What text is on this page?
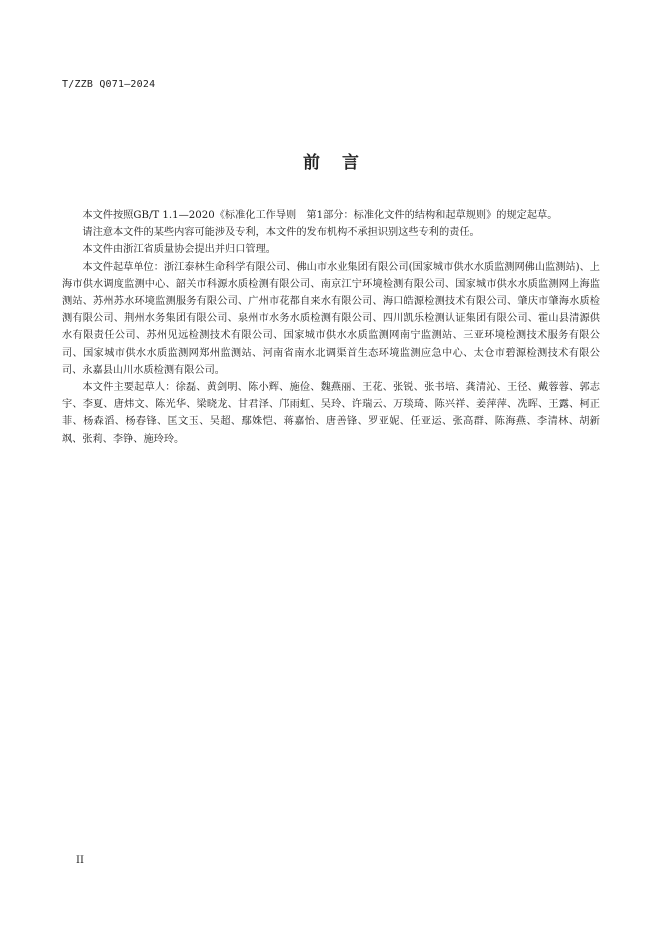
T/ZZB Q071—2024
前言

本文件按照GB/T 1.1—2020《标准化工作导则　第1部分：标准化文件的结构和起草规则》的规定起草。

请注意本文件的某些内容可能涉及专利，本文件的发布机构不承担识别这些专利的责任。

本文件由浙江省质量协会提出并归口管理。

本文件起草单位：浙江泰林生命科学有限公司、佛山市水业集团有限公司(国家城市供水水质监测网佛山监测站)、上海市供水调度监测中心、韶关市科源水质检测有限公司、南京江宁环境检测有限公司、国家城市供水水质监测网上海监测站、苏州苏水环境监测服务有限公司、广州市花都自来水有限公司、海口皓源检测技术有限公司、肇庆市肇海水质检测有限公司、荆州水务集团有限公司、泉州市水务水质检测有限公司、四川凯乐检测认证集团有限公司、霍山县清源供水有限责任公司、苏州见远检测技术有限公司、国家城市供水水质监测网南宁监测站、三亚环境检测技术服务有限公司、国家城市供水水质监测网郑州监测站、河南省南水北调渠首生态环境监测应急中心、太仓市碧源检测技术有限公司、永嘉县山川水质检测有限公司。

本文件主要起草人：徐磊、黄剑明、陈小辉、施俭、魏燕丽、王花、张锐、张书培、龚清沁、王径、戴蓉蓉、郭志宇、李夏、唐炜文、陈光华、梁晓龙、甘君泽、邝雨虹、吴玲、许瑞云、万琰琦、陈兴祥、姜萍萍、冼晖、王露、柯正菲、杨森滔、杨春锋、匡文玉、吴超、鄢姝恺、蒋嘉怡、唐善锋、罗亚妮、任亚运、张高群、陈海燕、李清林、胡新飒、张莉、李铮、施玲玲。

II
